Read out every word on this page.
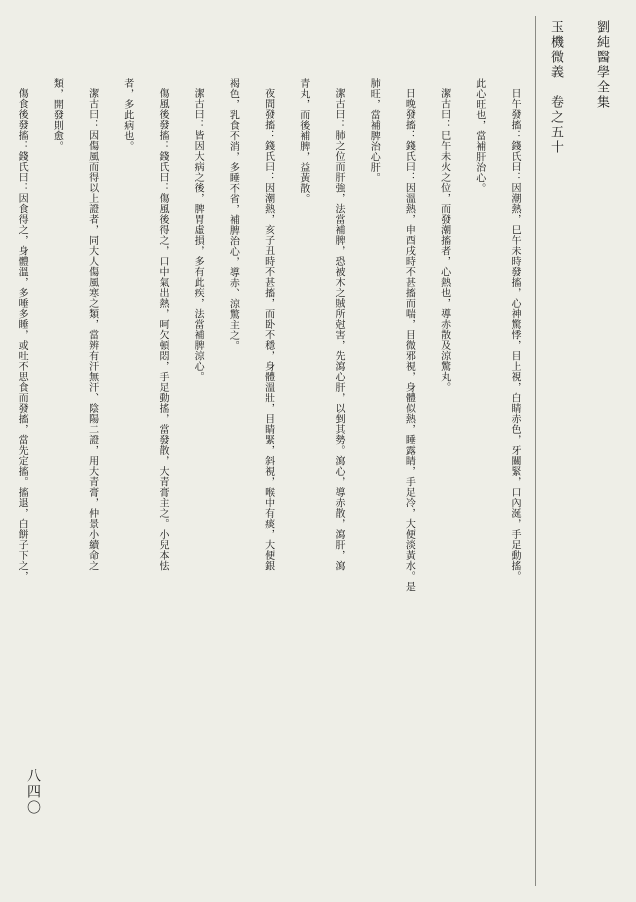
劉純醫學全集
玉機微義　卷之五十
八四〇

日午發搐：錢氏曰：因潮熱，巳午未時發搐，心神驚悸，目上視，白睛赤色，牙關緊，口內涎，手足動搖。

此心旺也，當補肝治心。

潔古曰：巳午未火之位，而發潮搐者，心熱也，導赤散及涼驚丸。

日晚發搐：錢氏曰：因溫熱，申酉戌時不甚搐而喘，目微邪視，身體似熱，睡露睛，手足冷，大便淡黃水。是

肺旺，當補脾治心肝。

潔古曰：肺之位而肝強，法當補脾，恐被木之賊所尅害，先瀉心肝，以剉其勢。瀉心，導赤散，瀉肝，瀉

青丸，而後補脾，益黃散。

夜間發搐：錢氏曰：因潮熱，亥子丑時不甚搐，而卧不穩，身體溫壯，目睛緊，斜視，喉中有痰，大便銀

褐色，乳食不消，多睡不省，補脾治心，導赤、涼驚主之。

潔古曰：皆因大病之後，脾胃虛損，多有此疾，法當補脾涼心。

傷風後發搐：錢氏曰：傷風後得之，口中氣出熱，呵欠頓悶，手足動搖，當發散，大青膏主之。小兒本怯

者，多此病也。

潔古曰：因傷風而得以上證者，同大人傷風寒之類，當辨有汗無汗、陰陽二證，用大青膏，仲景小續命之

類，開發則愈。

傷食後發搐：錢氏曰：因食得之，身體溫，多唾多睡，或吐不思食而發搐，當先定搐。搐退，白餅子下之，
